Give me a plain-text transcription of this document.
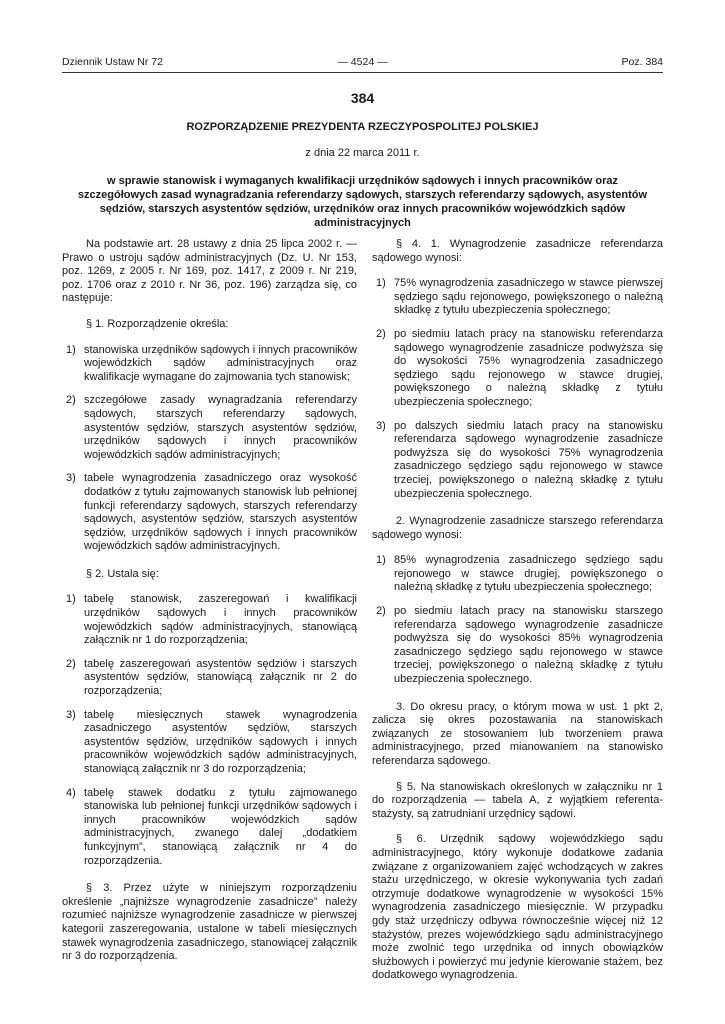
Dziennik Ustaw Nr 72	— 4524 —	Poz. 384
384
ROZPORZĄDZENIE PREZYDENTA RZECZYPOSPOLITEJ POLSKIEJ
z dnia 22 marca 2011 r.
w sprawie stanowisk i wymaganych kwalifikacji urzędników sądowych i innych pracowników oraz szczegółowych zasad wynagradzania referendarzy sądowych, starszych referendarzy sądowych, asystentów sędziów, starszych asystentów sędziów, urzędników oraz innych pracowników wojewódzkich sądów administracyjnych

Na podstawie art. 28 ustawy z dnia 25 lipca 2002 r. — Prawo o ustroju sądów administracyjnych (Dz. U. Nr 153, poz. 1269, z 2005 r. Nr 169, poz. 1417, z 2009 r. Nr 219, poz. 1706 oraz z 2010 r. Nr 36, poz. 196) zarządza się, co następuje:

§ 1. Rozporządzenie określa:

1) stanowiska urzędników sądowych i innych pracowników wojewódzkich sądów administracyjnych oraz kwalifikacje wymagane do zajmowania tych stanowisk;
2) szczegółowe zasady wynagradzania referendarzy sądowych, starszych referendarzy sądowych, asystentów sędziów, starszych asystentów sędziów, urzędników sądowych i innych pracowników wojewódzkich sądów administracyjnych;
3) tabele wynagrodzenia zasadniczego oraz wysokość dodatków z tytułu zajmowanych stanowisk lub pełnionej funkcji referendarzy sądowych, starszych referendarzy sądowych, asystentów sędziów, starszych asystentów sędziów, urzędników sądowych i innych pracowników wojewódzkich sądów administracyjnych.

§ 2. Ustala się:

1) tabelę stanowisk, zaszeregowań i kwalifikacji urzędników sądowych i innych pracowników wojewódzkich sądów administracyjnych, stanowiącą załącznik nr 1 do rozporządzenia;
2) tabelę zaszeregowań asystentów sędziów i starszych asystentów sędziów, stanowiącą załącznik nr 2 do rozporządzenia;
3) tabelę miesięcznych stawek wynagrodzenia zasadniczego asystentów sędziów, starszych asystentów sędziów, urzędników sądowych i innych pracowników wojewódzkich sądów administracyjnych, stanowiącą załącznik nr 3 do rozporządzenia;
4) tabelę stawek dodatku z tytułu zajmowanego stanowiska lub pełnionej funkcji urzędników sądowych i innych pracowników wojewódzkich sądów administracyjnych, zwanego dalej „dodatkiem funkcyjnym”, stanowiącą załącznik nr 4 do rozporządzenia.

§ 3. Przez użyte w niniejszym rozporządzeniu określenie „najniższe wynagrodzenie zasadnicze” należy rozumieć najniższe wynagrodzenie zasadnicze w pierwszej kategorii zaszeregowania, ustalone w tabeli miesięcznych stawek wynagrodzenia zasadniczego, stanowiącej załącznik nr 3 do rozporządzenia.

§ 4. 1. Wynagrodzenie zasadnicze referendarza sądowego wynosi:

1) 75% wynagrodzenia zasadniczego w stawce pierwszej sędziego sądu rejonowego, powiększonego o należną składkę z tytułu ubezpieczenia społecznego;
2) po siedmiu latach pracy na stanowisku referendarza sądowego wynagrodzenie zasadnicze podwyższa się do wysokości 75% wynagrodzenia zasadniczego sędziego sądu rejonowego w stawce drugiej, powiększonego o należną składkę z tytułu ubezpieczenia społecznego;
3) po dalszych siedmiu latach pracy na stanowisku referendarza sądowego wynagrodzenie zasadnicze podwyższa się do wysokości 75% wynagrodzenia zasadniczego sędziego sądu rejonowego w stawce trzeciej, powiększonego o należną składkę z tytułu ubezpieczenia społecznego.

2. Wynagrodzenie zasadnicze starszego referendarza sądowego wynosi:

1) 85% wynagrodzenia zasadniczego sędziego sądu rejonowego w stawce drugiej, powiększonego o należną składkę z tytułu ubezpieczenia społecznego;
2) po siedmiu latach pracy na stanowisku starszego referendarza sądowego wynagrodzenie zasadnicze podwyższa się do wysokości 85% wynagrodzenia zasadniczego sędziego sądu rejonowego w stawce trzeciej, powiększonego o należną składkę z tytułu ubezpieczenia społecznego.

3. Do okresu pracy, o którym mowa w ust. 1 pkt 2, zalicza się okres pozostawania na stanowiskach związanych ze stosowaniem lub tworzeniem prawa administracyjnego, przed mianowaniem na stanowisko referendarza sądowego.

§ 5. Na stanowiskach określonych w załączniku nr 1 do rozporządzenia — tabela A, z wyjątkiem referenta-stażysty, są zatrudniani urzędnicy sądowi.

§ 6. Urzędnik sądowy wojewódzkiego sądu administracyjnego, który wykonuje dodatkowe zadania związane z organizowaniem zajęć wchodzących w zakres stażu urzędniczego, w okresie wykonywania tych zadań otrzymuje dodatkowe wynagrodzenie w wysokości 15% wynagrodzenia zasadniczego miesięcznie. W przypadku gdy staż urzędniczy odbywa równocześnie więcej niż 12 stażystów, prezes wojewódzkiego sądu administracyjnego może zwolnić tego urzędnika od innych obowiązków służbowych i powierzyć mu jedynie kierowanie stażem, bez dodatkowego wynagrodzenia.
